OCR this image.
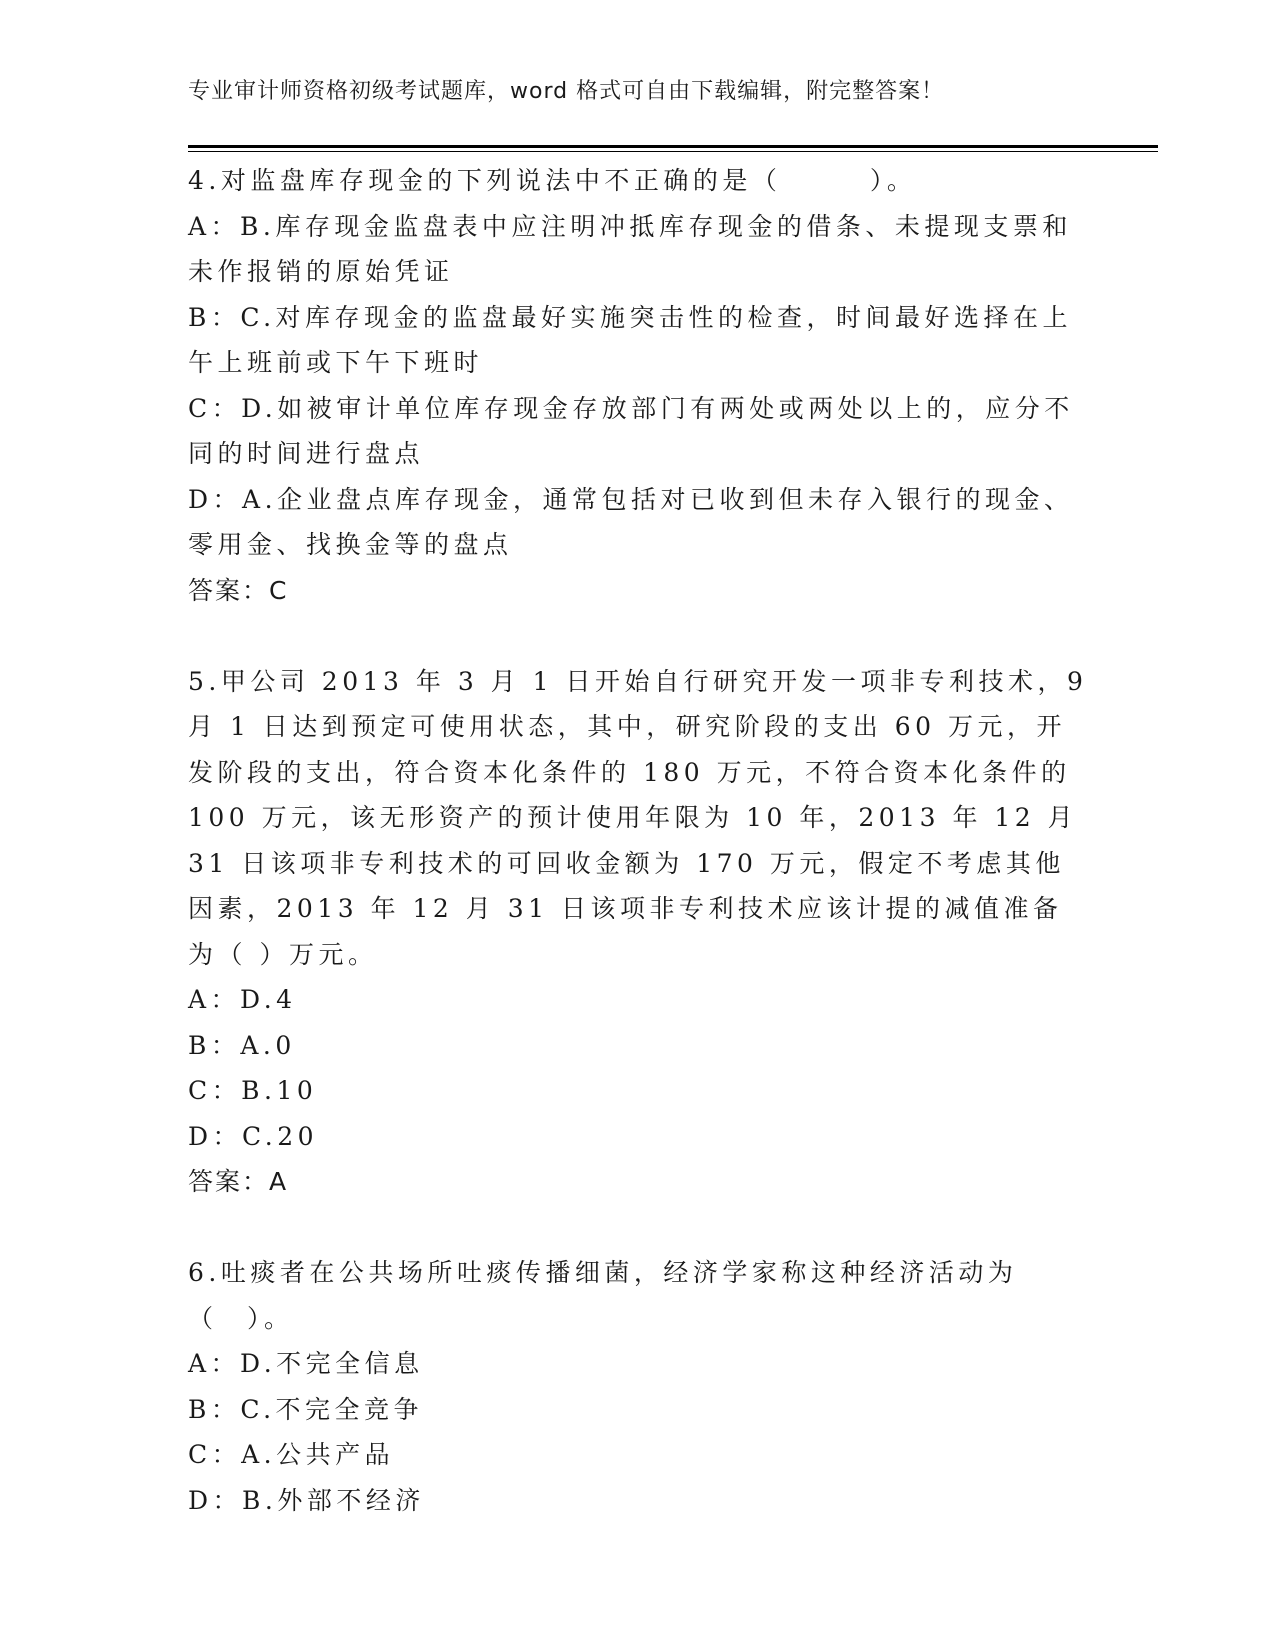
专业审计师资格初级考试题库，word 格式可自由下载编辑，附完整答案！

4.对监盘库存现金的下列说法中不正确的是（　　　）。

A：B.库存现金监盘表中应注明冲抵库存现金的借条、未提现支票和未作报销的原始凭证

B：C.对库存现金的监盘最好实施突击性的检查，时间最好选择在上午上班前或下午下班时

C：D.如被审计单位库存现金存放部门有两处或两处以上的，应分不同的时间进行盘点

D：A.企业盘点库存现金，通常包括对已收到但未存入银行的现金、零用金、找换金等的盘点

答案：C

5.甲公司 2013 年 3 月 1 日开始自行研究开发一项非专利技术，9 月 1 日达到预定可使用状态，其中，研究阶段的支出 60 万元，开发阶段的支出，符合资本化条件的 180 万元，不符合资本化条件的 100 万元，该无形资产的预计使用年限为 10 年，2013 年 12 月 31 日该项非专利技术的可回收金额为 170 万元，假定不考虑其他因素，2013 年 12 月 31 日该项非专利技术应该计提的减值准备为（ ）万元。

A：D.4

B：A.0

C：B.10

D：C.20

答案：A

6.吐痰者在公共场所吐痰传播细菌，经济学家称这种经济活动为（　）。

A：D.不完全信息

B：C.不完全竞争

C：A.公共产品

D：B.外部不经济
